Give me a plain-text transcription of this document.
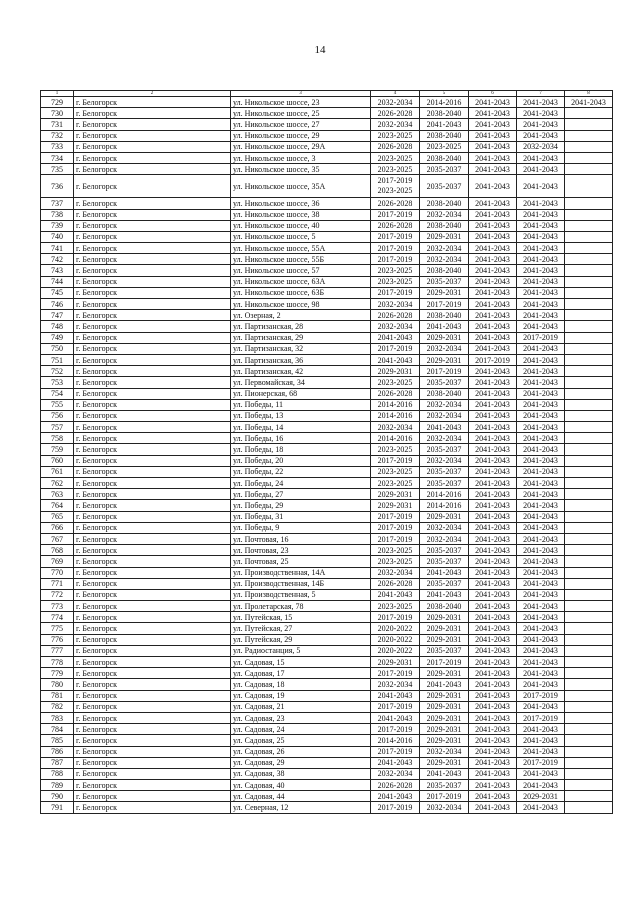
14
1	2	3	4	5	6	7	8
729	г. Белогорск	ул. Никольское шоссе, 23	2032-2034	2014-2016	2041-2043	2041-2043	2041-2043
730	г. Белогорск	ул. Никольское шоссе, 25	2026-2028	2038-2040	2041-2043	2041-2043	
731	г. Белогорск	ул. Никольское шоссе, 27	2032-2034	2041-2043	2041-2043	2041-2043	
732	г. Белогорск	ул. Никольское шоссе, 29	2023-2025	2038-2040	2041-2043	2041-2043	
733	г. Белогорск	ул. Никольское шоссе, 29А	2026-2028	2023-2025	2041-2043	2032-2034	
734	г. Белогорск	ул. Никольское шоссе, 3	2023-2025	2038-2040	2041-2043	2041-2043	
735	г. Белогорск	ул. Никольское шоссе, 35	2023-2025	2035-2037	2041-2043	2041-2043	
736	г. Белогорск	ул. Никольское шоссе, 35А	2017-2019 2023-2025	2035-2037	2041-2043	2041-2043	
737	г. Белогорск	ул. Никольское шоссе, 36	2026-2028	2038-2040	2041-2043	2041-2043	
738	г. Белогорск	ул. Никольское шоссе, 38	2017-2019	2032-2034	2041-2043	2041-2043	
739	г. Белогорск	ул. Никольское шоссе, 40	2026-2028	2038-2040	2041-2043	2041-2043	
740	г. Белогорск	ул. Никольское шоссе, 5	2017-2019	2029-2031	2041-2043	2041-2043	
741	г. Белогорск	ул. Никольское шоссе, 55А	2017-2019	2032-2034	2041-2043	2041-2043	
742	г. Белогорск	ул. Никольское шоссе, 55Б	2017-2019	2032-2034	2041-2043	2041-2043	
743	г. Белогорск	ул. Никольское шоссе, 57	2023-2025	2038-2040	2041-2043	2041-2043	
744	г. Белогорск	ул. Никольское шоссе, 63А	2023-2025	2035-2037	2041-2043	2041-2043	
745	г. Белогорск	ул. Никольское шоссе, 63Б	2017-2019	2029-2031	2041-2043	2041-2043	
746	г. Белогорск	ул. Никольское шоссе, 98	2032-2034	2017-2019	2041-2043	2041-2043	
747	г. Белогорск	ул. Озерная, 2	2026-2028	2038-2040	2041-2043	2041-2043	
748	г. Белогорск	ул. Партизанская, 28	2032-2034	2041-2043	2041-2043	2041-2043	
749	г. Белогорск	ул. Партизанская, 29	2041-2043	2029-2031	2041-2043	2017-2019	
750	г. Белогорск	ул. Партизанская, 32	2017-2019	2032-2034	2041-2043	2041-2043	
751	г. Белогорск	ул. Партизанская, 36	2041-2043	2029-2031	2017-2019	2041-2043	
752	г. Белогорск	ул. Партизанская, 42	2029-2031	2017-2019	2041-2043	2041-2043	
753	г. Белогорск	ул. Первомайская, 34	2023-2025	2035-2037	2041-2043	2041-2043	
754	г. Белогорск	ул. Пионерская, 68	2026-2028	2038-2040	2041-2043	2041-2043	
755	г. Белогорск	ул. Победы, 11	2014-2016	2032-2034	2041-2043	2041-2043	
756	г. Белогорск	ул. Победы, 13	2014-2016	2032-2034	2041-2043	2041-2043	
757	г. Белогорск	ул. Победы, 14	2032-2034	2041-2043	2041-2043	2041-2043	
758	г. Белогорск	ул. Победы, 16	2014-2016	2032-2034	2041-2043	2041-2043	
759	г. Белогорск	ул. Победы, 18	2023-2025	2035-2037	2041-2043	2041-2043	
760	г. Белогорск	ул. Победы, 20	2017-2019	2032-2034	2041-2043	2041-2043	
761	г. Белогорск	ул. Победы, 22	2023-2025	2035-2037	2041-2043	2041-2043	
762	г. Белогорск	ул. Победы, 24	2023-2025	2035-2037	2041-2043	2041-2043	
763	г. Белогорск	ул. Победы, 27	2029-2031	2014-2016	2041-2043	2041-2043	
764	г. Белогорск	ул. Победы, 29	2029-2031	2014-2016	2041-2043	2041-2043	
765	г. Белогорск	ул. Победы, 31	2017-2019	2029-2031	2041-2043	2041-2043	
766	г. Белогорск	ул. Победы, 9	2017-2019	2032-2034	2041-2043	2041-2043	
767	г. Белогорск	ул. Почтовая, 16	2017-2019	2032-2034	2041-2043	2041-2043	
768	г. Белогорск	ул. Почтовая, 23	2023-2025	2035-2037	2041-2043	2041-2043	
769	г. Белогорск	ул. Почтовая, 25	2023-2025	2035-2037	2041-2043	2041-2043	
770	г. Белогорск	ул. Производственная, 14А	2032-2034	2041-2043	2041-2043	2041-2043	
771	г. Белогорск	ул. Производственная, 14Б	2026-2028	2035-2037	2041-2043	2041-2043	
772	г. Белогорск	ул. Производственная, 5	2041-2043	2041-2043	2041-2043	2041-2043	
773	г. Белогорск	ул. Пролетарская, 78	2023-2025	2038-2040	2041-2043	2041-2043	
774	г. Белогорск	ул. Путейская, 15	2017-2019	2029-2031	2041-2043	2041-2043	
775	г. Белогорск	ул. Путейская, 27	2020-2022	2029-2031	2041-2043	2041-2043	
776	г. Белогорск	ул. Путейская, 29	2020-2022	2029-2031	2041-2043	2041-2043	
777	г. Белогорск	ул. Радиостанция, 5	2020-2022	2035-2037	2041-2043	2041-2043	
778	г. Белогорск	ул. Садовая, 15	2029-2031	2017-2019	2041-2043	2041-2043	
779	г. Белогорск	ул. Садовая, 17	2017-2019	2029-2031	2041-2043	2041-2043	
780	г. Белогорск	ул. Садовая, 18	2032-2034	2041-2043	2041-2043	2041-2043	
781	г. Белогорск	ул. Садовая, 19	2041-2043	2029-2031	2041-2043	2017-2019	
782	г. Белогорск	ул. Садовая, 21	2017-2019	2029-2031	2041-2043	2041-2043	
783	г. Белогорск	ул. Садовая, 23	2041-2043	2029-2031	2041-2043	2017-2019	
784	г. Белогорск	ул. Садовая, 24	2017-2019	2029-2031	2041-2043	2041-2043	
785	г. Белогорск	ул. Садовая, 25	2014-2016	2029-2031	2041-2043	2041-2043	
786	г. Белогорск	ул. Садовая, 26	2017-2019	2032-2034	2041-2043	2041-2043	
787	г. Белогорск	ул. Садовая, 29	2041-2043	2029-2031	2041-2043	2017-2019	
788	г. Белогорск	ул. Садовая, 38	2032-2034	2041-2043	2041-2043	2041-2043	
789	г. Белогорск	ул. Садовая, 40	2026-2028	2035-2037	2041-2043	2041-2043	
790	г. Белогорск	ул. Садовая, 44	2041-2043	2017-2019	2041-2043	2029-2031	
791	г. Белогорск	ул. Северная, 12	2017-2019	2032-2034	2041-2043	2041-2043	
